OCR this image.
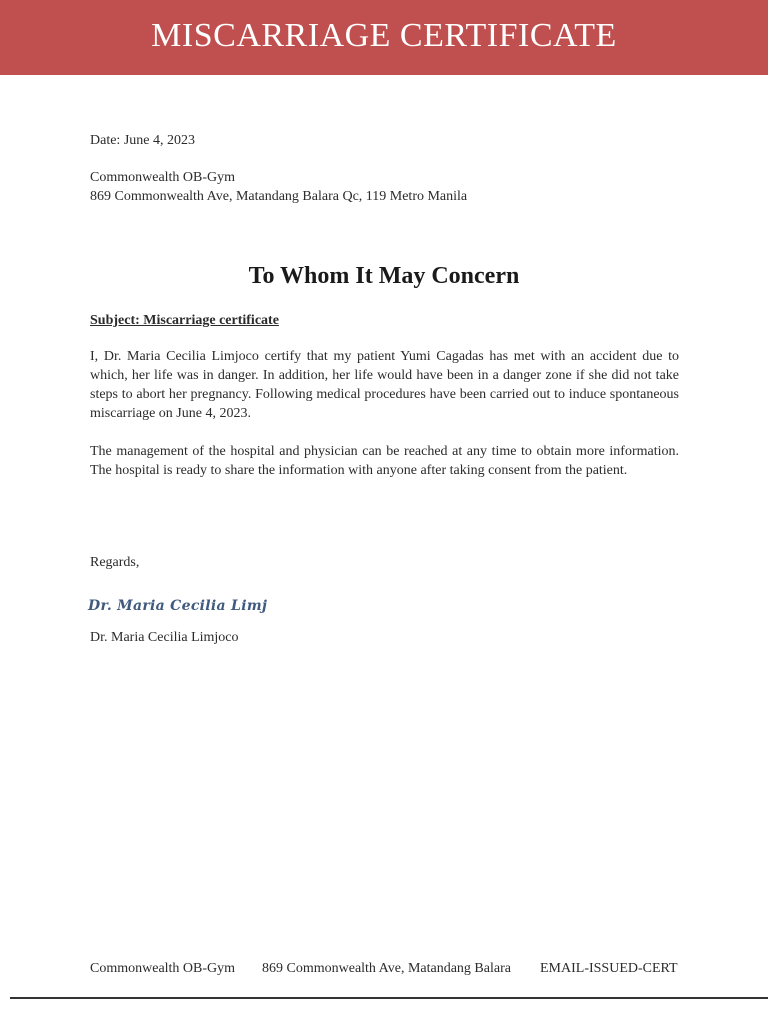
MISCARRIAGE CERTIFICATE
Date: June 4, 2023
Commonwealth OB-Gym
869 Commonwealth Ave, Matandang Balara Qc, 119 Metro Manila
To Whom It May Concern
Subject: Miscarriage certificate
I, Dr. Maria Cecilia Limjoco certify that my patient Yumi Cagadas has met with an accident due to which, her life was in danger. In addition, her life would have been in a danger zone if she did not take steps to abort her pregnancy. Following medical procedures have been carried out to induce spontaneous miscarriage on June 4, 2023.
The management of the hospital and physician can be reached at any time to obtain more information. The hospital is ready to share the information with anyone after taking consent from the patient.
Regards,
Dr. Maria Cecilia Limj
Dr. Maria Cecilia Limjoco
Commonwealth OB-Gym 869 Commonwealth Ave, Matandang Balara EMAIL-ISSUED-CERT
